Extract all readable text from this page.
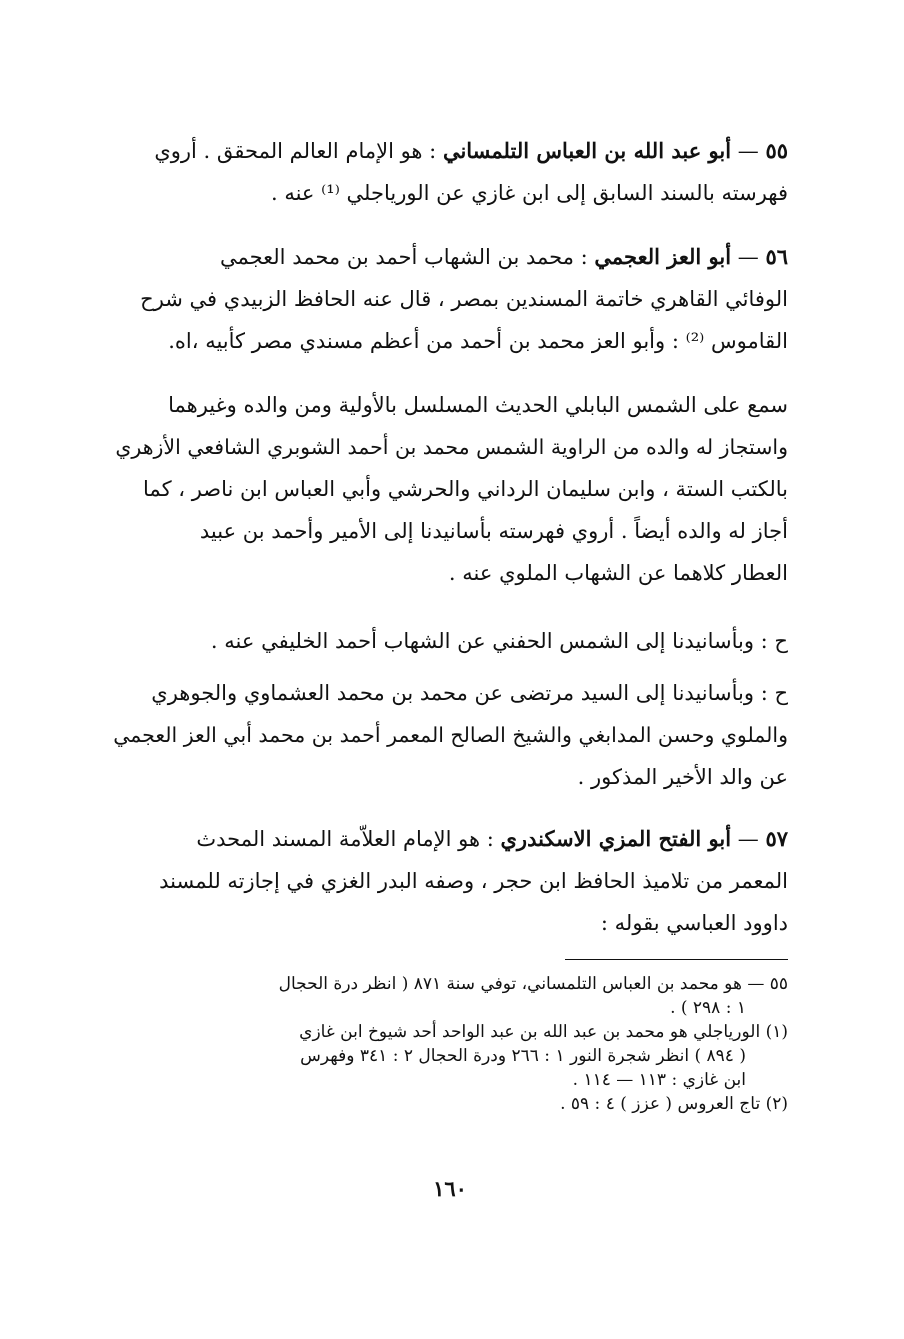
٥٥ — أبو عبد الله بن العباس التلمساني : هو الإمام العالم المحقق . أروي
فهرسته بالسند السابق إلى ابن غازي عن الورياجلي ⁽¹⁾ عنه .
٥٦ — أبو العز العجمي : محمد بن الشهاب أحمد بن محمد العجمي
الوفائي القاهري خاتمة المسندين بمصر ، قال عنه الحافظ الزبيدي في شرح
القاموس ⁽²⁾ : وأبو العز محمد بن أحمد من أعظم مسندي مصر كأبيه ،اه.
سمع على الشمس البابلي الحديث المسلسل بالأولية ومن والده وغيرهما
واستجاز له والده من الراوية الشمس محمد بن أحمد الشوبري الشافعي الأزهري
بالكتب الستة ، وابن سليمان الرداني والحرشي وأبي العباس ابن ناصر ، كما
أجاز له والده أيضاً . أروي فهرسته بأسانيدنا إلى الأمير وأحمد بن عبيد
العطار كلاهما عن الشهاب الملوي عنه .
ح : وبأسانيدنا إلى الشمس الحفني عن الشهاب أحمد الخليفي عنه .
ح : وبأسانيدنا إلى السيد مرتضى عن محمد بن محمد العشماوي والجوهري
والملوي وحسن المدابغي والشيخ الصالح المعمر أحمد بن محمد أبي العز العجمي
عن والد الأخير المذكور .
٥٧ — أبو الفتح المزي الاسكندري : هو الإمام العلاّمة المسند المحدث
المعمر من تلاميذ الحافظ ابن حجر ، وصفه البدر الغزي في إجازته للمسند
داوود العباسي بقوله :
٥٥ — هو محمد بن العباس التلمساني، توفي سنة ٨٧١ ( انظر درة الحجال
١ : ٢٩٨ ) .
(١) الورياجلي هو محمد بن عبد الله بن عبد الواحد أحد شيوخ ابن غازي
( ٨٩٤ ) انظر شجرة النور ١ : ٢٦٦ ودرة الحجال ٢ : ٣٤١ وفهرس
ابن غازي : ١١٣ — ١١٤ .
(٢) تاج العروس ( عزز ) ٤ : ٥٩ .
١٦٠
